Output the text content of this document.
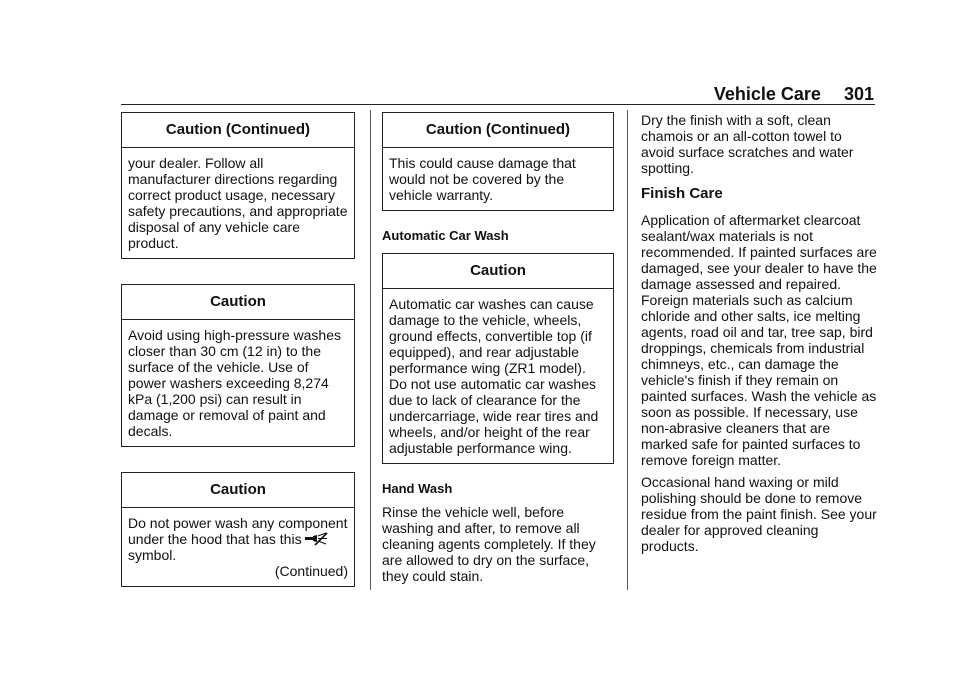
Vehicle Care 301
Caution (Continued)

your dealer. Follow all manufacturer directions regarding correct product usage, necessary safety precautions, and appropriate disposal of any vehicle care product.

Caution

Avoid using high-pressure washes closer than 30 cm (12 in) to the surface of the vehicle. Use of power washers exceeding 8,274 kPa (1,200 psi) can result in damage or removal of paint and decals.

Caution

Do not power wash any component under the hood that has this  symbol.

(Continued)

Caution (Continued)

This could cause damage that would not be covered by the vehicle warranty.

Automatic Car Wash

Caution

Automatic car washes can cause damage to the vehicle, wheels, ground effects, convertible top (if equipped), and rear adjustable performance wing (ZR1 model). Do not use automatic car washes due to lack of clearance for the undercarriage, wide rear tires and wheels, and/or height of the rear adjustable performance wing.

Hand Wash

Rinse the vehicle well, before washing and after, to remove all cleaning agents completely. If they are allowed to dry on the surface, they could stain.

Dry the finish with a soft, clean chamois or an all-cotton towel to avoid surface scratches and water spotting.

Finish Care

Application of aftermarket clearcoat sealant/wax materials is not recommended. If painted surfaces are damaged, see your dealer to have the damage assessed and repaired. Foreign materials such as calcium chloride and other salts, ice melting agents, road oil and tar, tree sap, bird droppings, chemicals from industrial chimneys, etc., can damage the vehicle's finish if they remain on painted surfaces. Wash the vehicle as soon as possible. If necessary, use non-abrasive cleaners that are marked safe for painted surfaces to remove foreign matter.

Occasional hand waxing or mild polishing should be done to remove residue from the paint finish. See your dealer for approved cleaning products.
